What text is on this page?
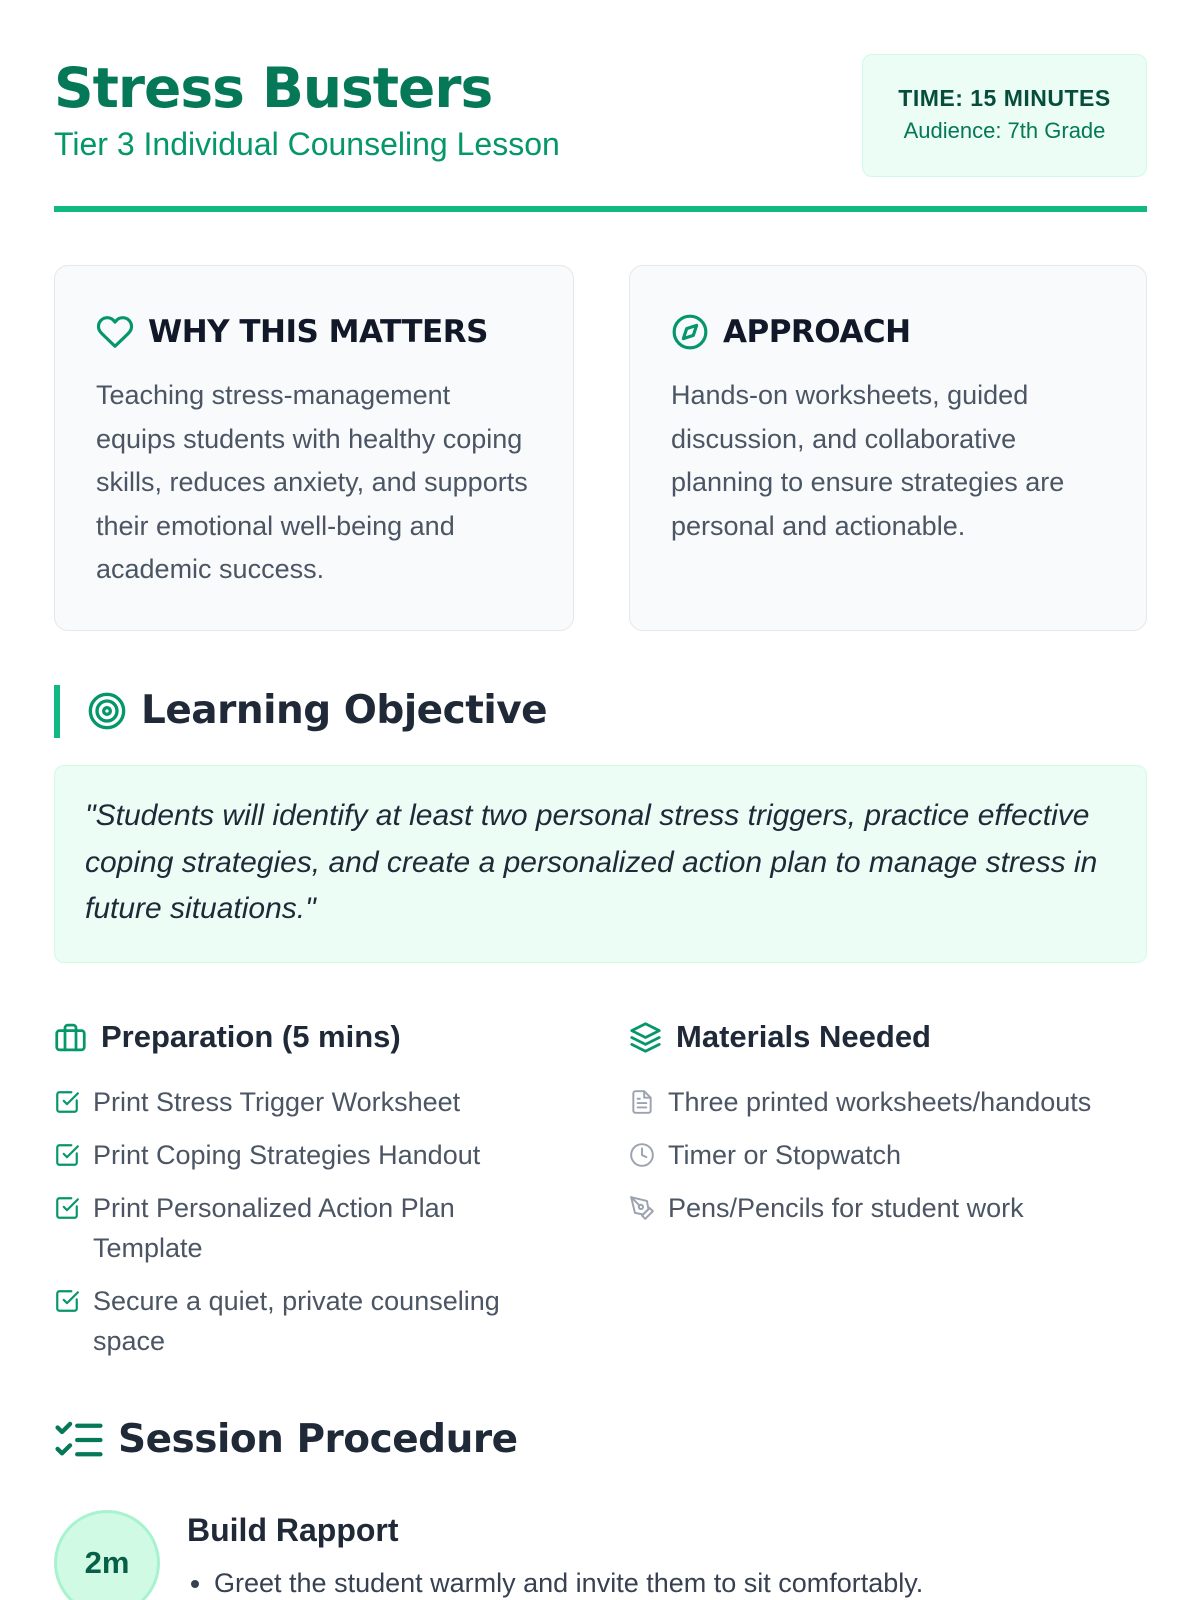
Stress Busters
Tier 3 Individual Counseling Lesson
TIME: 15 MINUTES
Audience: 7th Grade
WHY THIS MATTERS
Teaching stress-management equips students with healthy coping skills, reduces anxiety, and supports their emotional well-being and academic success.
APPROACH
Hands-on worksheets, guided discussion, and collaborative planning to ensure strategies are personal and actionable.
Learning Objective
"Students will identify at least two personal stress triggers, practice effective coping strategies, and create a personalized action plan to manage stress in future situations."
Preparation (5 mins)
Print Stress Trigger Worksheet
Print Coping Strategies Handout
Print Personalized Action Plan Template
Secure a quiet, private counseling space
Materials Needed
Three printed worksheets/handouts
Timer or Stopwatch
Pens/Pencils for student work
Session Procedure
2m
Build Rapport
• Greet the student warmly and invite them to sit comfortably.
